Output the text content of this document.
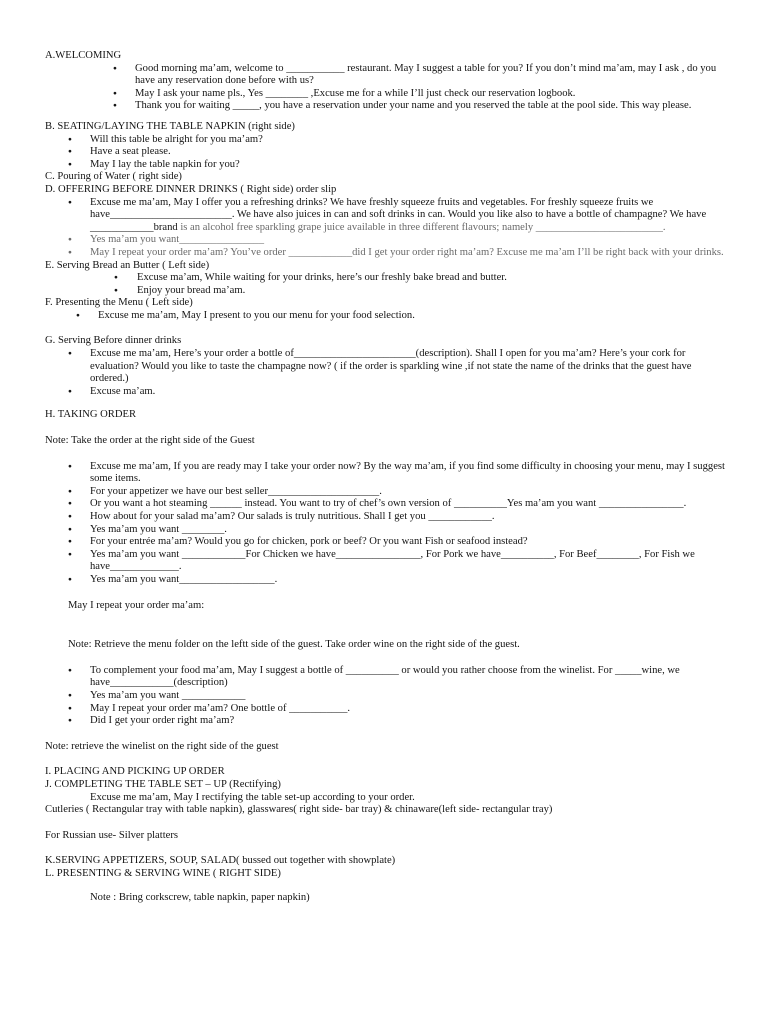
A.WELCOMING

● Good morning ma’am, welcome to ___________ restaurant. May I suggest a table for you? If you don’t mind ma’am, may I ask , do you have any reservation done before with us?
● May I ask your name pls., Yes ________ ,Excuse me for a while I’ll just check our reservation logbook.
● Thank you for waiting _____, you have a reservation under your name and you reserved the table at the pool side. This way please.

B. SEATING/LAYING THE TABLE NAPKIN (right side)

● Will this table be alright for you ma’am?
● Have a seat please.
● May I lay the table napkin for you?

C. Pouring of Water ( right side)

D. OFFERING BEFORE DINNER DRINKS ( Right side) order slip

● Excuse me ma’am, May I offer you a refreshing drinks? We have freshly squeeze fruits and vegetables. For freshly squeeze fruits we have_______________________. We have also juices in can and soft drinks in can. Would you like also to have a bottle of champagne? We have ____________brand is an alcohol free sparkling grape juice available in three different flavours; namely ________________________.
● Yes ma’am you want________________
● May I repeat your order ma’am? You’ve order ____________did I get your order right ma’am? Excuse me ma’am I’ll be right back with your drinks.

E. Serving Bread an Butter ( Left side)

● Excuse ma’am, While waiting for your drinks, here’s our freshly bake bread and butter.
● Enjoy your bread ma’am.

F. Presenting the Menu ( Left side)

● Excuse me ma’am, May I present to you our menu for your food selection.

G. Serving Before dinner drinks

● Excuse me ma’am, Here’s your order a bottle of_______________________(description). Shall I open for you ma’am? Here’s your cork for evaluation? Would you like to taste the champagne now? ( if the order is sparkling wine ,if not state the name of the drinks that the guest have ordered.)
● Excuse ma’am.

H. TAKING ORDER

Note: Take the order at the right side of the Guest

● Excuse me ma’am, If you are ready may I take your order now? By the way ma’am, if you find some difficulty in choosing your menu, may I suggest some items.
● For your appetizer we have our best seller_____________________.
● Or you want a hot steaming ______ instead. You want to try of chef’s own version of __________Yes ma’am you want ________________.
● How about for your salad ma’am? Our salads is truly nutritious. Shall I get you ____________.
● Yes ma’am you want ________.
● For your entrée ma’am? Would you go for chicken, pork or beef? Or you want Fish or seafood instead?
● Yes ma’am you want ____________For Chicken we have________________, For Pork we have__________, For Beef________, For Fish we have_____________.
● Yes ma’am you want__________________.

May I repeat your order ma’am:

Note: Retrieve the menu folder on the leftt side of the guest. Take order wine on the right side of the guest.

● To complement your food ma’am, May I suggest a bottle of __________ or would you rather choose from the winelist. For _____wine, we have____________(description)
● Yes ma’am you want ____________
● May I repeat your order ma’am? One bottle of ___________.
● Did I get your order right ma’am?

Note: retrieve the winelist on the right side of the guest

I. PLACING AND PICKING UP ORDER

J. COMPLETING THE TABLE SET – UP (Rectifying)

Excuse me ma’am, May I rectifying the table set-up according to your order.

Cutleries ( Rectangular tray with table napkin), glasswares( right side- bar tray) & chinaware(left side- rectangular tray)

For Russian use- Silver platters

K.SERVING APPETIZERS, SOUP, SALAD( bussed out together with showplate)

L. PRESENTING & SERVING WINE ( RIGHT SIDE)

Note : Bring corkscrew, table napkin, paper napkin)
